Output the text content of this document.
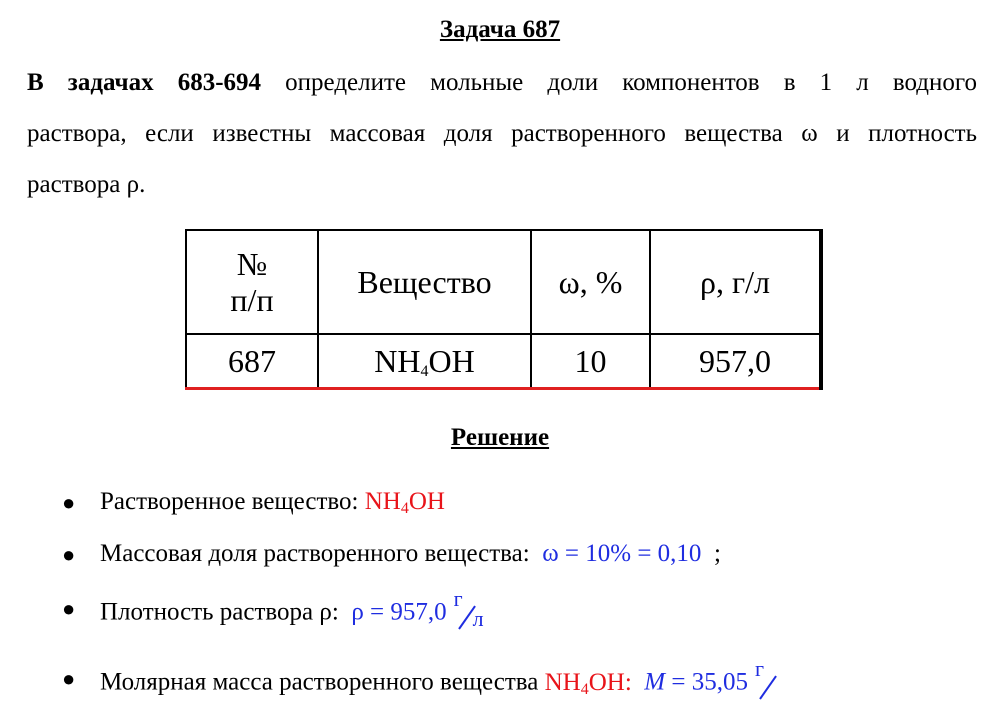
Задача 687
В задачах 683-694 определите мольные доли компонентов в 1 л водного
раствора, если известны массовая доля растворенного вещества ω и плотность
раствора ρ.
№
п/п	Вещество	ω, %	ρ, г/л
687	$NH_4OH$	10	957,0
Решение
● Растворенное вещество: $NH_4OH$
● Массовая доля растворенного вещества: ω = 10% = 0,10 ;
● Плотность раствора ρ: ρ = 957,0
г
л
● Молярная масса растворенного вещества $NH_4OH$: M = 35,05
г
